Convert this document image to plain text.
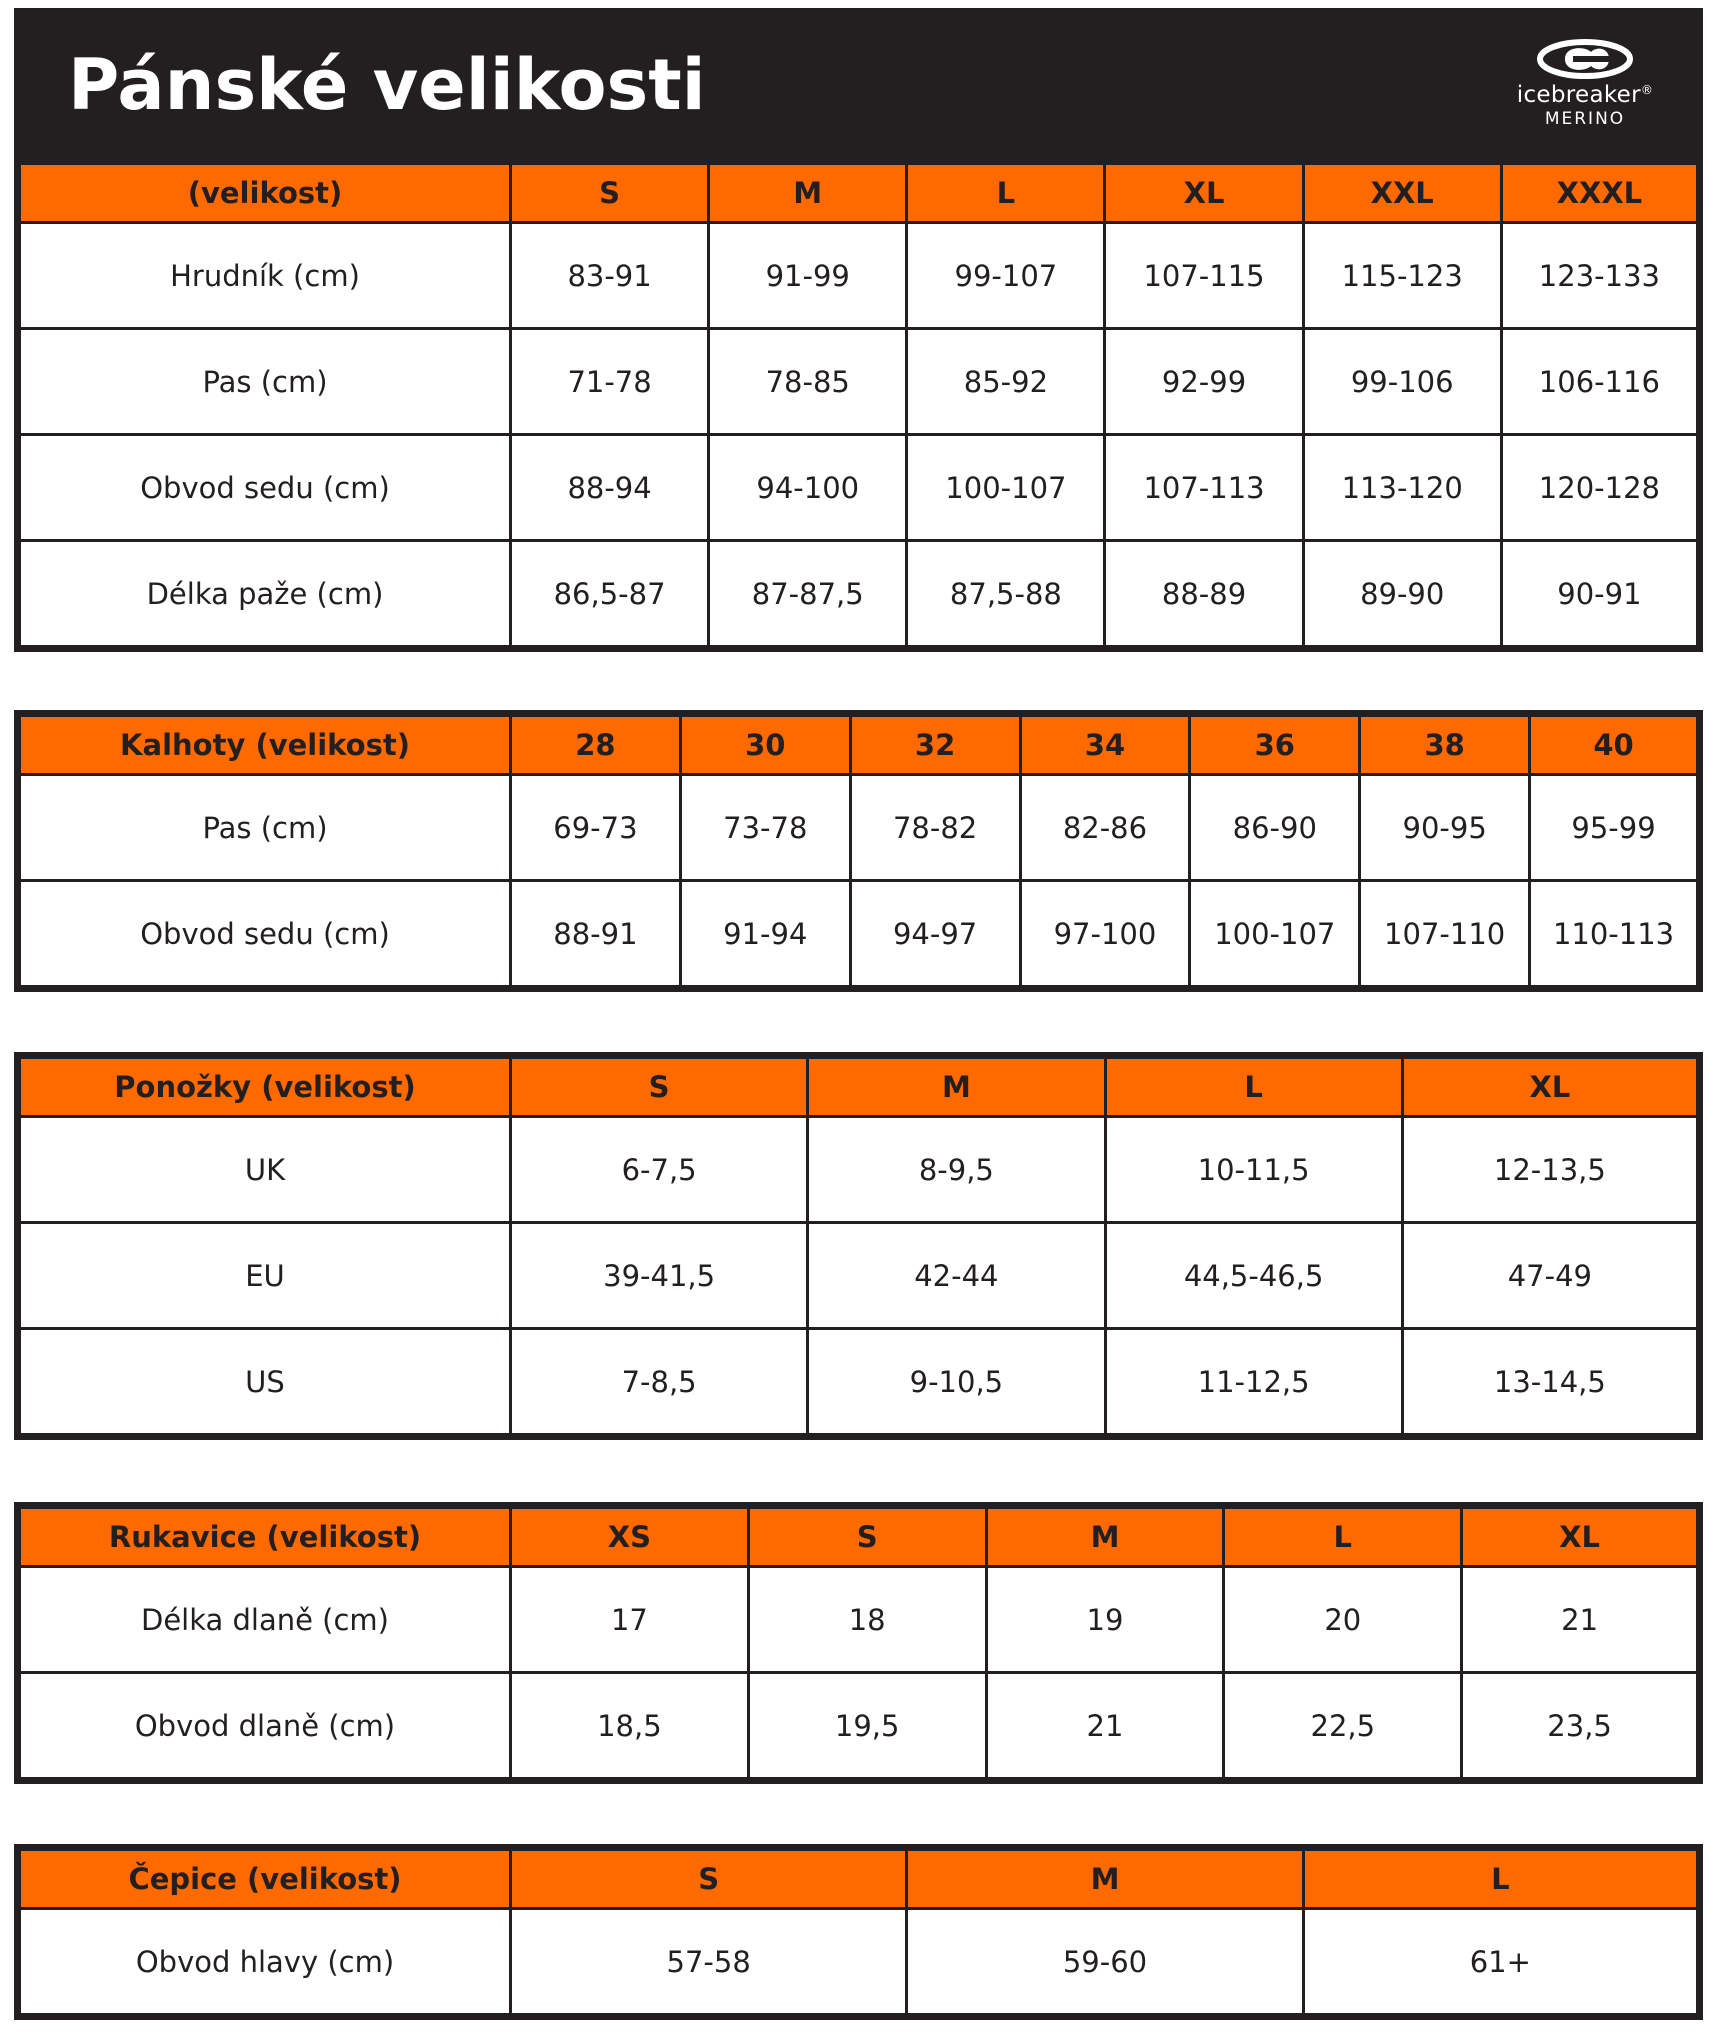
Pánské velikosti	icebreaker®
MERINO
(velikost)	S	M	L	XL	XXL	XXXL
Hrudník (cm)	83-91	91-99	99-107	107-115	115-123	123-133
Pas (cm)	71-78	78-85	85-92	92-99	99-106	106-116
Obvod sedu (cm)	88-94	94-100	100-107	107-113	113-120	120-128
Délka paže (cm)	86,5-87	87-87,5	87,5-88	88-89	89-90	90-91
Kalhoty (velikost)	28	30	32	34	36	38	40
Pas (cm)	69-73	73-78	78-82	82-86	86-90	90-95	95-99
Obvod sedu (cm)	88-91	91-94	94-97	97-100	100-107	107-110	110-113
Ponožky (velikost)	S	M	L	XL
UK	6-7,5	8-9,5	10-11,5	12-13,5
EU	39-41,5	42-44	44,5-46,5	47-49
US	7-8,5	9-10,5	11-12,5	13-14,5
Rukavice (velikost)	XS	S	M	L	XL
Délka dlaně (cm)	17	18	19	20	21
Obvod dlaně (cm)	18,5	19,5	21	22,5	23,5
Čepice (velikost)	S	M	L
Obvod hlavy (cm)	57-58	59-60	61+
